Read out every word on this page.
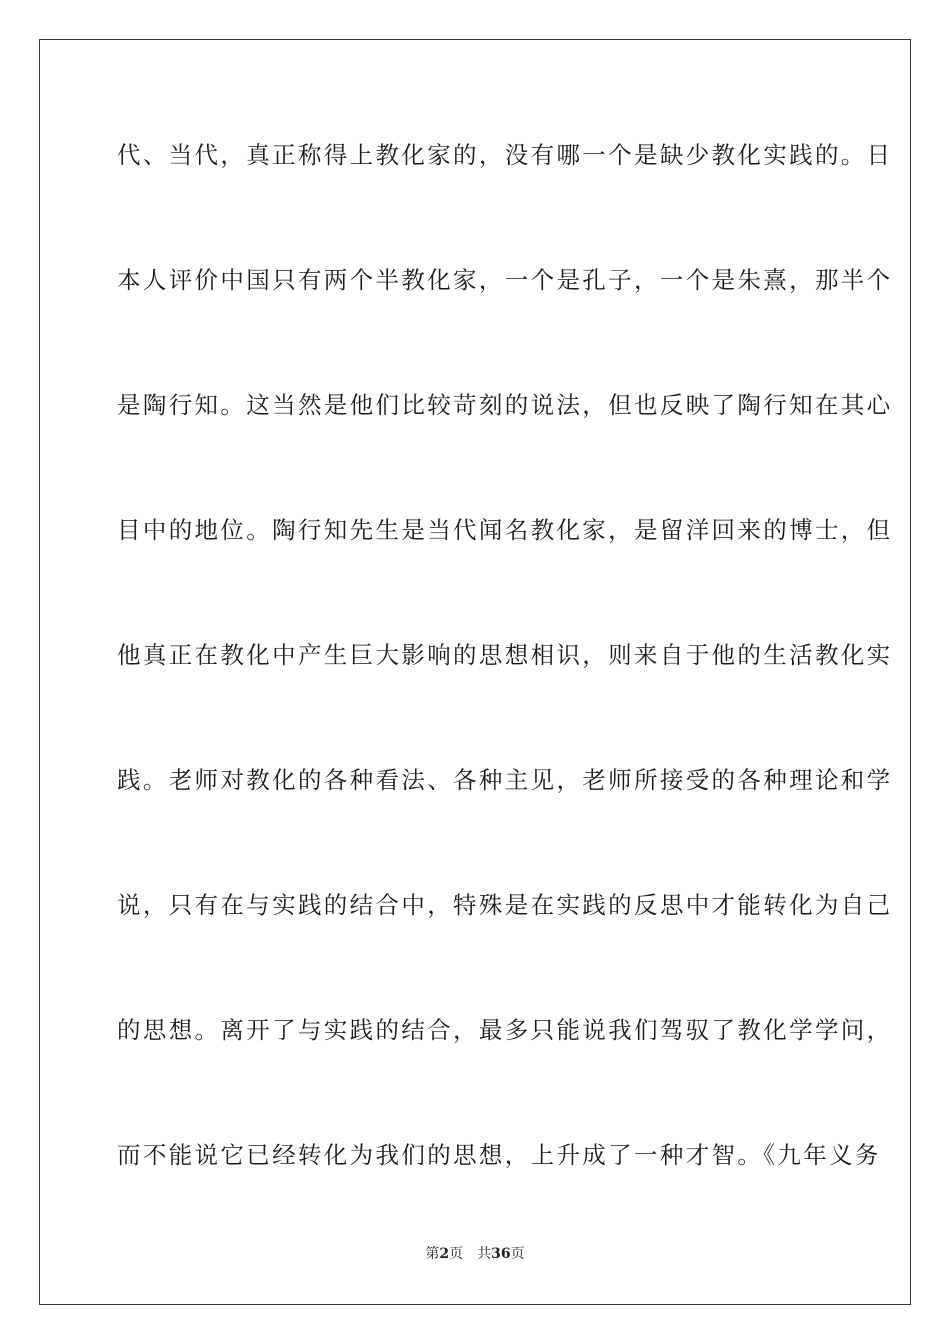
代、当代，真正称得上教化家的，没有哪一个是缺少教化实践的。日
本人评价中国只有两个半教化家，一个是孔子，一个是朱熹，那半个
是陶行知。这当然是他们比较苛刻的说法，但也反映了陶行知在其心
目中的地位。陶行知先生是当代闻名教化家，是留洋回来的博士，但
他真正在教化中产生巨大影响的思想相识，则来自于他的生活教化实
践。老师对教化的各种看法、各种主见，老师所接受的各种理论和学
说，只有在与实践的结合中，特殊是在实践的反思中才能转化为自己
的思想。离开了与实践的结合，最多只能说我们驾驭了教化学学问，
而不能说它已经转化为我们的思想，上升成了一种才智。《九年义务
第2页 共36页
